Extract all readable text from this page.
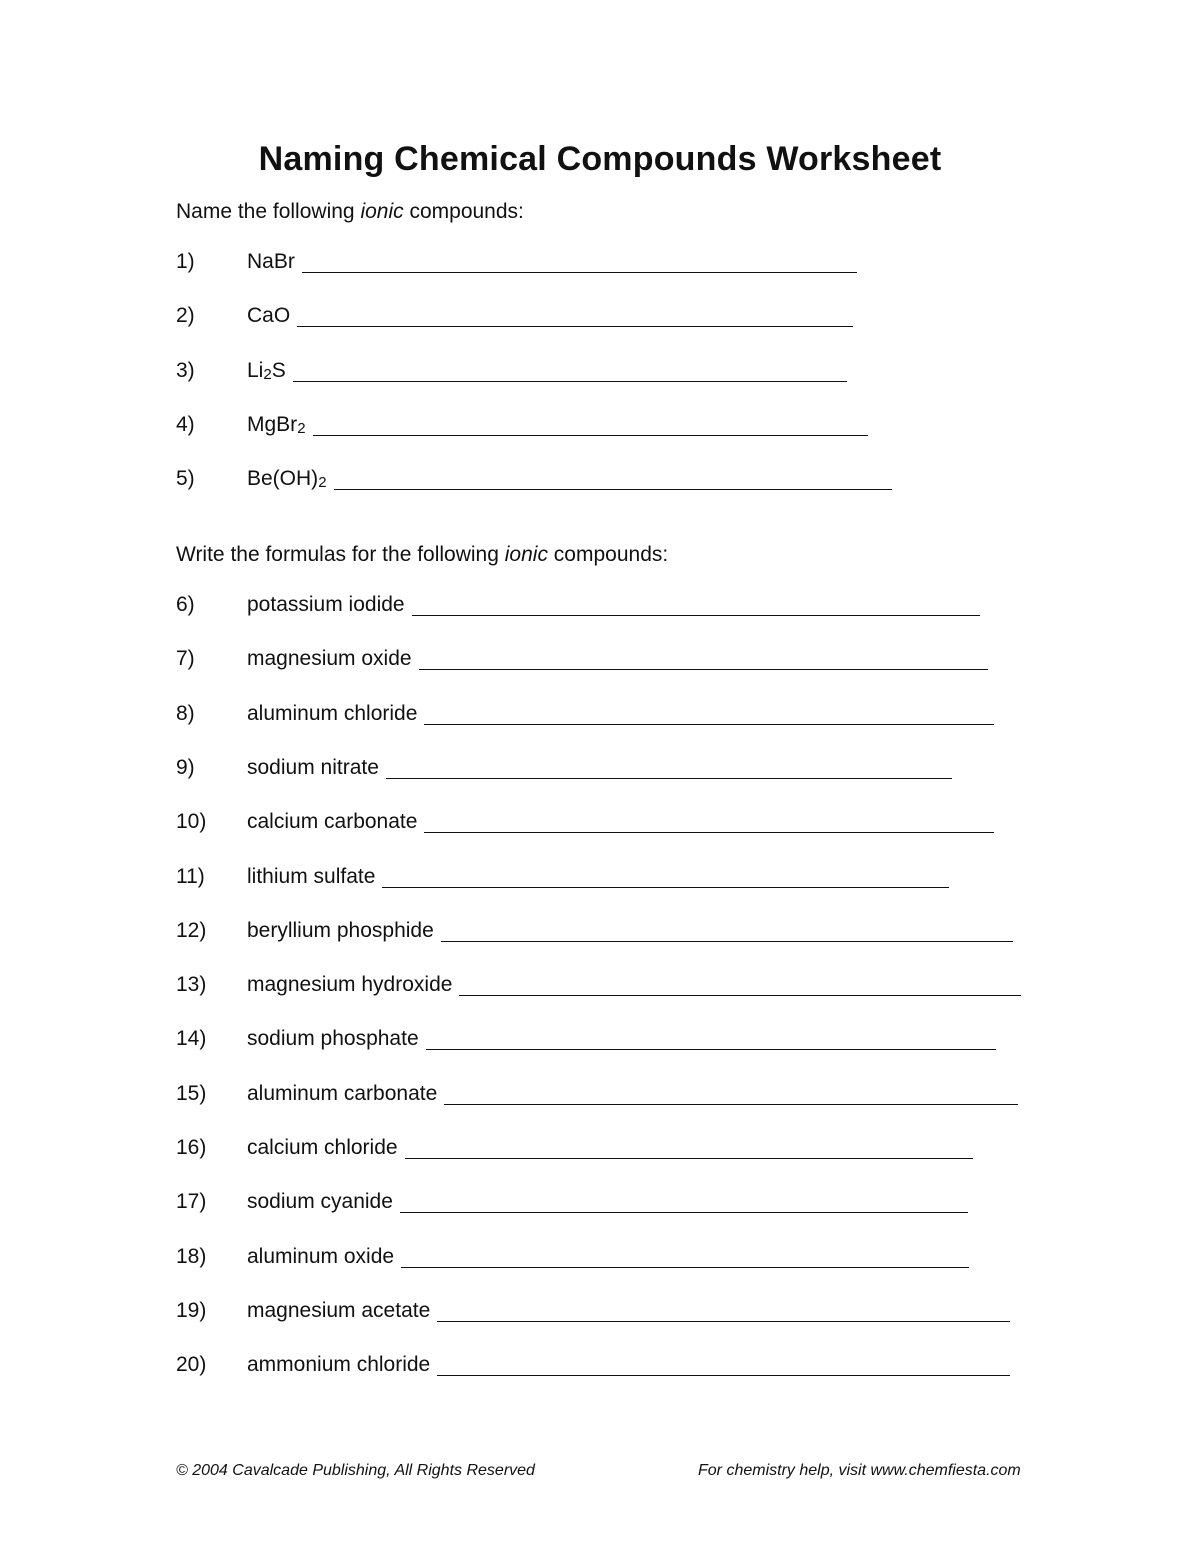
Naming Chemical Compounds Worksheet
Name the following ionic compounds:
1) NaBr
2) CaO
3) $Li_2S$
4) MgBr$_2$
5) $Be(OH)_2$
Write the formulas for the following ionic compounds:
6) potassium iodide
7) magnesium oxide
8) aluminum chloride
9) sodium nitrate
10) calcium carbonate
11) lithium sulfate
12) beryllium phosphide
13) magnesium hydroxide
14) sodium phosphate
15) aluminum carbonate
16) calcium chloride
17) sodium cyanide
18) aluminum oxide
19) magnesium acetate
20) ammonium chloride
© 2004 Cavalcade Publishing, All Rights Reserved	For chemistry help, visit www.chemfiesta.com
